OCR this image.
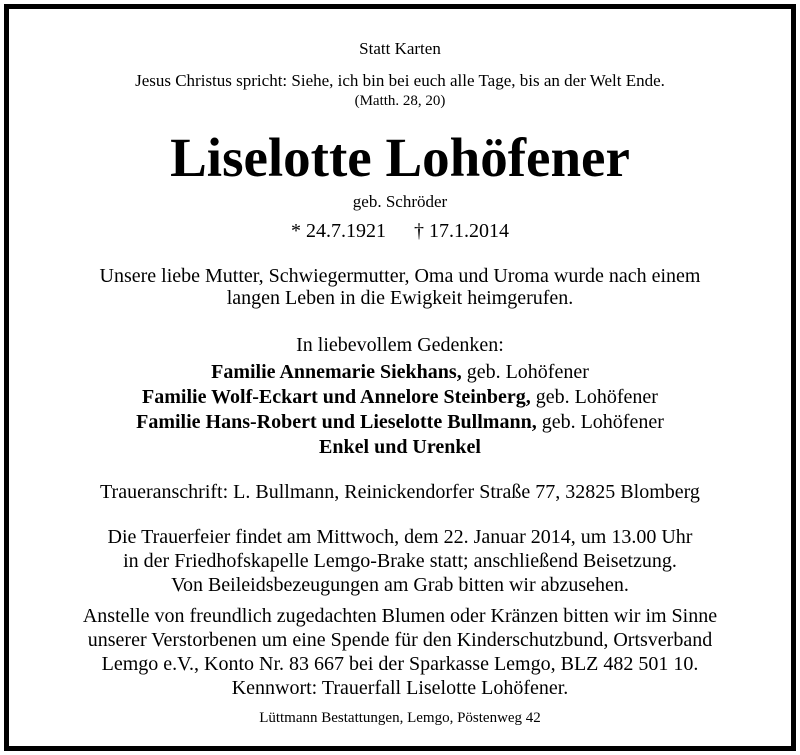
Statt Karten
Jesus Christus spricht: Siehe, ich bin bei euch alle Tage, bis an der Welt Ende.
(Matth. 28, 20)
Liselotte Lohöfener
geb. Schröder
* 24.7.1921 † 17.1.2014
Unsere liebe Mutter, Schwiegermutter, Oma und Uroma wurde nach einem
langen Leben in die Ewigkeit heimgerufen.
In liebevollem Gedenken:
Familie Annemarie Siekhans, geb. Lohöfener
Familie Wolf-Eckart und Annelore Steinberg, geb. Lohöfener
Familie Hans-Robert und Lieselotte Bullmann, geb. Lohöfener
Enkel und Urenkel
Traueranschrift: L. Bullmann, Reinickendorfer Straße 77, 32825 Blomberg
Die Trauerfeier findet am Mittwoch, dem 22. Januar 2014, um 13.00 Uhr
in der Friedhofskapelle Lemgo-Brake statt; anschließend Beisetzung.
Von Beileidsbezeugungen am Grab bitten wir abzusehen.
Anstelle von freundlich zugedachten Blumen oder Kränzen bitten wir im Sinne
unserer Verstorbenen um eine Spende für den Kinderschutzbund, Ortsverband
Lemgo e.V., Konto Nr. 83 667 bei der Sparkasse Lemgo, BLZ 482 501 10.
Kennwort: Trauerfall Liselotte Lohöfener.
Lüttmann Bestattungen, Lemgo, Pöstenweg 42
